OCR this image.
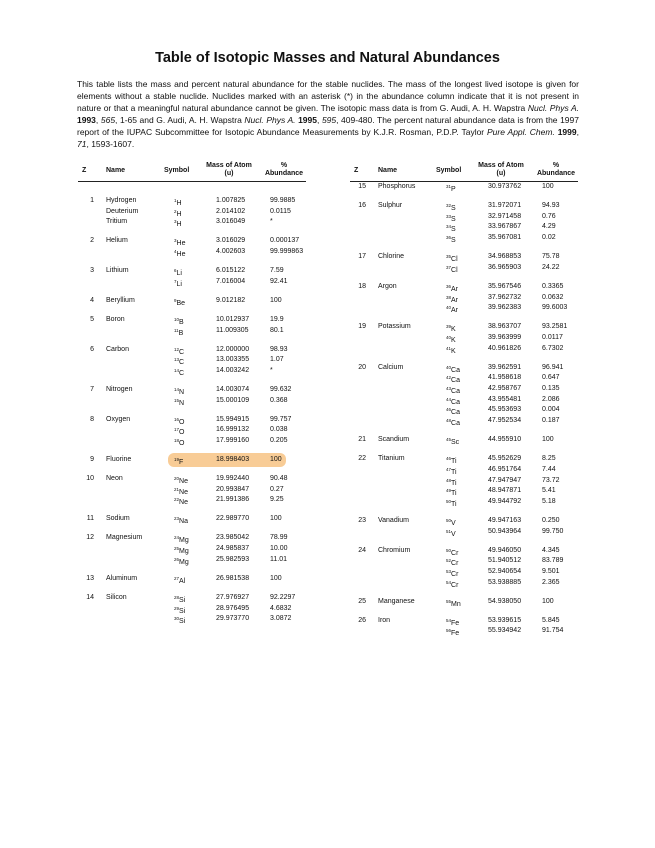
Table of Isotopic Masses and Natural Abundances
This table lists the mass and percent natural abundance for the stable nuclides. The mass of the longest lived isotope is given for elements without a stable nuclide. Nuclides marked with an asterisk (*) in the abundance column indicate that it is not present in nature or that a meaningful natural abundance cannot be given. The isotopic mass data is from G. Audi, A. H. Wapstra Nucl. Phys A. 1993, 565, 1-65 and G. Audi, A. H. Wapstra Nucl. Phys A. 1995, 595, 409-480. The percent natural abundance data is from the 1997 report of the IUPAC Subcommittee for Isotopic Abundance Measurements by K.J.R. Rosman, P.D.P. Taylor Pure Appl. Chem. 1999, 71, 1593-1607.
Z	Name	Symbol
Mass of Atom
(u)
%
Abundance
1 Hydrogen	$^1$H	1.007825	99.9885
Deuterium	$^2$H	2.014102	0.0115
Tritium	$^3$H	3.016049	*
2 Helium	$^3$He	3.016029	0.000137
$^4$He	4.002603	99.999863
3 Lithium	$^6$Li	6.015122	7.59
$^7$Li	7.016004	92.41
4 Beryllium	$^9$Be	9.012182	100
5 Boron	$^{10}$B	10.012937	19.9
$^{11}$B	11.009305	80.1
6 Carbon	$^{12}$C	12.000000	98.93
$^{13}$C	13.003355	1.07
$^{14}$C	14.003242	*
7 Nitrogen	$^{14}$N	14.003074	99.632
$^{15}$N	15.000109	0.368
8 Oxygen	$^{16}$O	15.994915	99.757
$^{17}$O	16.999132	0.038
$^{18}$O	17.999160	0.205
9 Fluorine	$^{19}$F	18.998403	100
10 Neon	$^{20}$Ne	19.992440	90.48
$^{21}$Ne	20.993847	0.27
$^{22}$Ne	21.991386	9.25
11 Sodium	$^{23}$Na	22.989770	100
12 Magnesium	$^{24}$Mg	23.985042	78.99
$^{25}$Mg	24.985837	10.00
$^{26}$Mg	25.982593	11.01
13 Aluminum	$^{27}$Al	26.981538	100
14 Silicon	$^{28}$Si	27.976927	92.2297
$^{29}$Si	28.976495	4.6832
$^{30}$Si	29.973770	3.0872
Z	Name	Symbol
Mass of Atom
(u)
%
Abundance
15 Phosphorus	$^{31}$P	30.973762	100
16 Sulphur	$^{32}$S	31.972071	94.93
$^{33}$S	32.971458	0.76
$^{34}$S	33.967867	4.29
$^{36}$S	35.967081	0.02
17 Chlorine	$^{35}$Cl	34.968853	75.78
$^{37}$Cl	36.965903	24.22
18 Argon	$^{36}$Ar	35.967546	0.3365
$^{38}$Ar	37.962732	0.0632
$^{40}$Ar	39.962383	99.6003
19 Potassium	$^{39}$K	38.963707	93.2581
$^{40}$K	39.963999	0.0117
$^{41}$K	40.961826	6.7302
20 Calcium	$^{40}$Ca	39.962591	96.941
$^{42}$Ca	41.958618	0.647
$^{43}$Ca	42.958767	0.135
$^{44}$Ca	43.955481	2.086
$^{46}$Ca	45.953693	0.004
$^{48}$Ca	47.952534	0.187
21 Scandium	$^{45}$Sc	44.955910	100
22 Titanium	$^{46}$Ti	45.952629	8.25
$^{47}$Ti	46.951764	7.44
$^{48}$Ti	47.947947	73.72
$^{49}$Ti	48.947871	5.41
$^{50}$Ti	49.944792	5.18
23 Vanadium	$^{50}$V	49.947163	0.250
$^{51}$V	50.943964	99.750
24 Chromium	$^{50}$Cr	49.946050	4.345
$^{52}$Cr	51.940512	83.789
$^{53}$Cr	52.940654	9.501
$^{54}$Cr	53.938885	2.365
25 Manganese	$^{55}$Mn	54.938050	100
26 Iron	$^{54}$Fe	53.939615	5.845
$^{56}$Fe	55.934942	91.754
